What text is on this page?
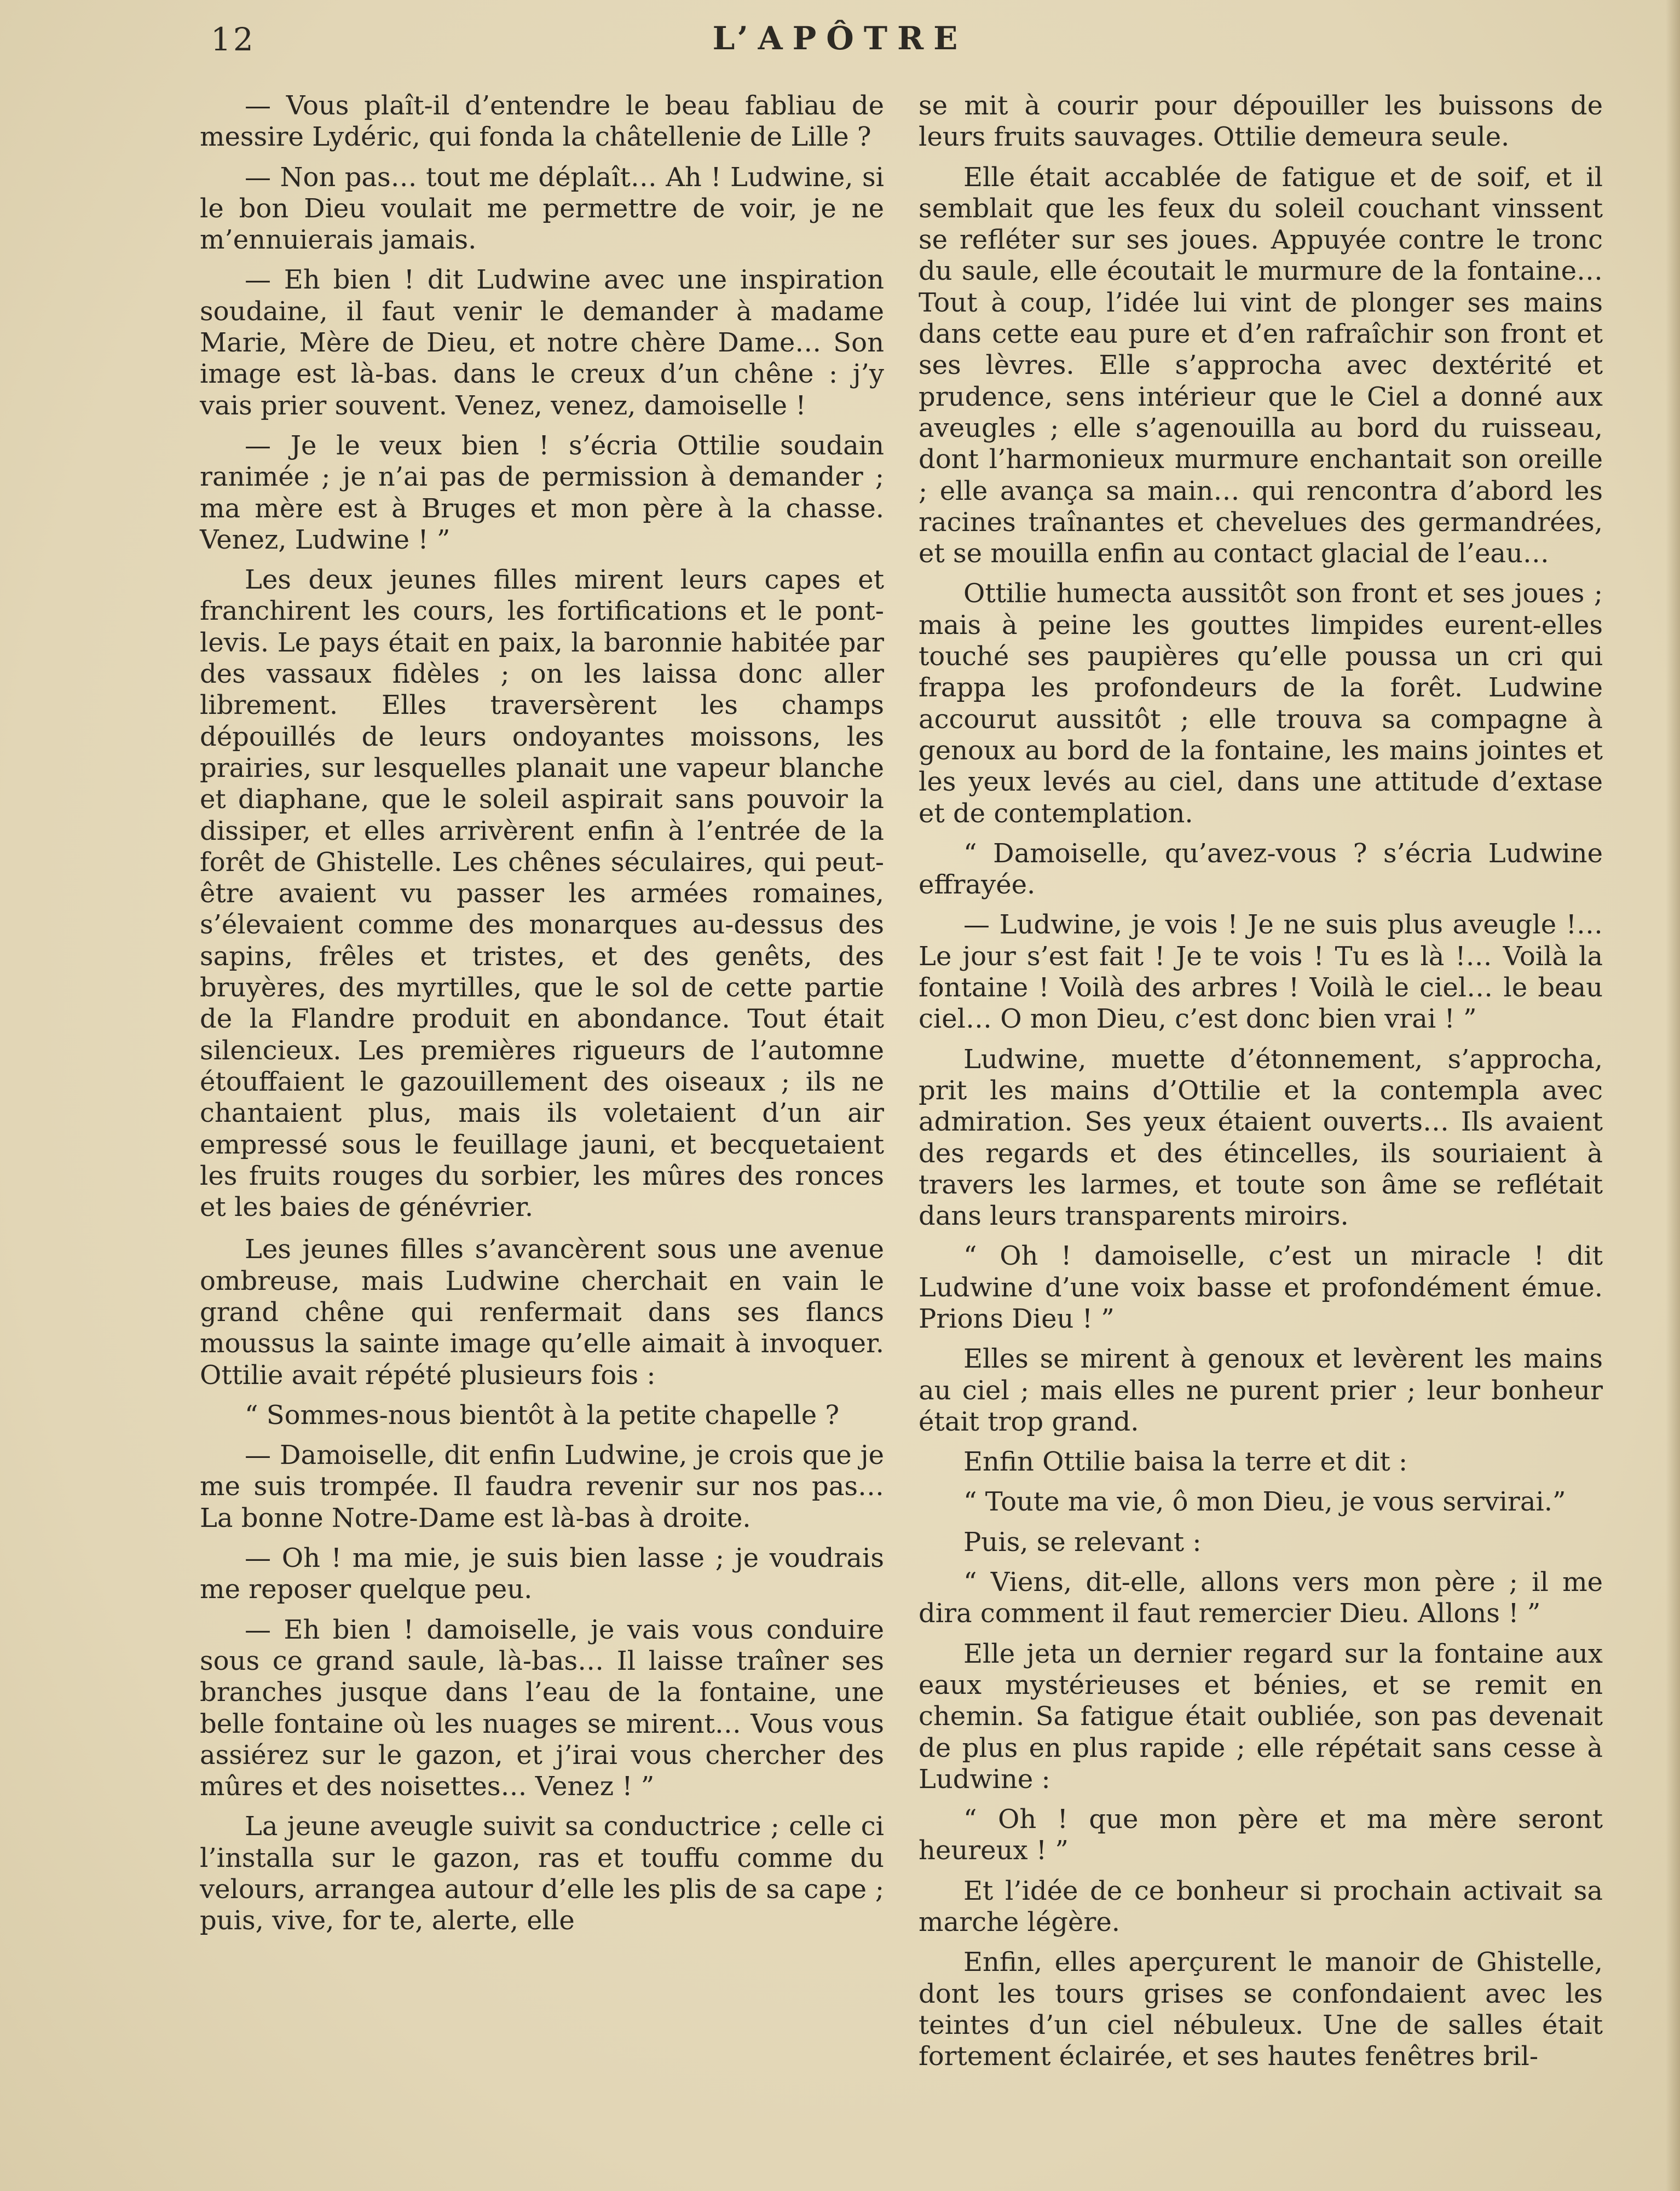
12	L’APÔTRE

— Vous plaît-il d’entendre le beau fabliau de messire Lydéric, qui fonda la châtellenie de Lille ?

— Non pas… tout me déplaît… Ah ! Ludwine, si le bon Dieu voulait me permettre de voir, je ne m’ennuierais jamais.

— Eh bien ! dit Ludwine avec une inspiration soudaine, il faut venir le demander à madame Marie, Mère de Dieu, et notre chère Dame… Son image est là-bas. dans le creux d’un chêne : j’y vais prier souvent. Venez, venez, damoiselle !

— Je le veux bien ! s’écria Ottilie soudain ranimée ; je n’ai pas de permission à demander ; ma mère est à Bruges et mon père à la chasse. Venez, Ludwine ! ”

Les deux jeunes filles mirent leurs capes et franchirent les cours, les fortifications et le pont-levis. Le pays était en paix, la baronnie habitée par des vassaux fidèles ; on les laissa donc aller librement. Elles traversèrent les champs dépouillés de leurs ondoyantes moissons, les prairies, sur lesquelles planait une vapeur blanche et diaphane, que le soleil aspirait sans pouvoir la dissiper, et elles arrivèrent enfin à l’entrée de la forêt de Ghistelle. Les chênes séculaires, qui peut-être avaient vu passer les armées romaines, s’élevaient comme des monarques au-dessus des sapins, frêles et tristes, et des genêts, des bruyères, des myrtilles, que le sol de cette partie de la Flandre produit en abondance. Tout était silencieux. Les premières rigueurs de l’automne étouffaient le gazouillement des oiseaux ; ils ne chantaient plus, mais ils voletaient d’un air empressé sous le feuillage jauni, et becquetaient les fruits rouges du sorbier, les mûres des ronces et les baies de génévrier.

Les jeunes filles s’avancèrent sous une avenue ombreuse, mais Ludwine cherchait en vain le grand chêne qui renfermait dans ses flancs moussus la sainte image qu’elle aimait à invoquer. Ottilie avait répété plusieurs fois :

“ Sommes-nous bientôt à la petite chapelle ?

— Damoiselle, dit enfin Ludwine, je crois que je me suis trompée. Il faudra revenir sur nos pas… La bonne Notre-Dame est là-bas à droite.

— Oh ! ma mie, je suis bien lasse ; je voudrais me reposer quelque peu.

— Eh bien ! damoiselle, je vais vous conduire sous ce grand saule, là-bas… Il laisse traîner ses branches jusque dans l’eau de la fontaine, une belle fontaine où les nuages se mirent… Vous vous assiérez sur le gazon, et j’irai vous chercher des mûres et des noisettes… Venez ! ”

La jeune aveugle suivit sa conductrice ; celle ci l’installa sur le gazon, ras et touffu comme du velours, arrangea autour d’elle les plis de sa cape ; puis, vive, for te, alerte, elle

se mit à courir pour dépouiller les buissons de leurs fruits sauvages. Ottilie demeura seule.

Elle était accablée de fatigue et de soif, et il semblait que les feux du soleil couchant vinssent se refléter sur ses joues. Appuyée contre le tronc du saule, elle écoutait le murmure de la fontaine… Tout à coup, l’idée lui vint de plonger ses mains dans cette eau pure et d’en rafraîchir son front et ses lèvres. Elle s’approcha avec dextérité et prudence, sens intérieur que le Ciel a donné aux aveugles ; elle s’agenouilla au bord du ruisseau, dont l’harmonieux murmure enchantait son oreille ; elle avança sa main… qui rencontra d’abord les racines traînantes et chevelues des germandrées, et se mouilla enfin au contact glacial de l’eau…

Ottilie humecta aussitôt son front et ses joues ; mais à peine les gouttes limpides eurent-elles touché ses paupières qu’elle poussa un cri qui frappa les profondeurs de la forêt. Ludwine accourut aussitôt ; elle trouva sa compagne à genoux au bord de la fontaine, les mains jointes et les yeux levés au ciel, dans une attitude d’extase et de contemplation.

“ Damoiselle, qu’avez-vous ? s’écria Ludwine effrayée.

— Ludwine, je vois ! Je ne suis plus aveugle !… Le jour s’est fait ! Je te vois ! Tu es là !… Voilà la fontaine ! Voilà des arbres ! Voilà le ciel… le beau ciel… O mon Dieu, c’est donc bien vrai ! ”

Ludwine, muette d’étonnement, s’approcha, prit les mains d’Ottilie et la contempla avec admiration. Ses yeux étaient ouverts… Ils avaient des regards et des étincelles, ils souriaient à travers les larmes, et toute son âme se reflétait dans leurs transparents miroirs.

“ Oh ! damoiselle, c’est un miracle ! dit Ludwine d’une voix basse et profondément émue. Prions Dieu ! ”

Elles se mirent à genoux et levèrent les mains au ciel ; mais elles ne purent prier ; leur bonheur était trop grand.

Enfin Ottilie baisa la terre et dit :

“ Toute ma vie, ô mon Dieu, je vous servirai.”

Puis, se relevant :

“ Viens, dit-elle, allons vers mon père ; il me dira comment il faut remercier Dieu. Allons ! ”

Elle jeta un dernier regard sur la fontaine aux eaux mystérieuses et bénies, et se remit en chemin. Sa fatigue était oubliée, son pas devenait de plus en plus rapide ; elle répétait sans cesse à Ludwine :

“ Oh ! que mon père et ma mère seront heureux ! ”

Et l’idée de ce bonheur si prochain activait sa marche légère.

Enfin, elles aperçurent le manoir de Ghistelle, dont les tours grises se confondaient avec les teintes d’un ciel nébuleux. Une de salles était fortement éclairée, et ses hautes fenêtres bril-
